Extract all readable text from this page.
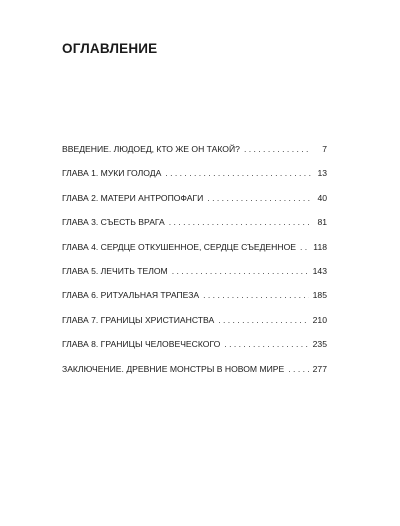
ОГЛАВЛЕНИЕ
ВВЕДЕНИЕ. ЛЮДОЕД, КТО ЖЕ ОН ТАКОЙ? . . .	7
ГЛАВА 1. МУКИ ГОЛОДА . . .	13
ГЛАВА 2. МАТЕРИ АНТРОПОФАГИ . . .	40
ГЛАВА 3. СЪЕСТЬ ВРАГА . . .	81
ГЛАВА 4. СЕРДЦЕ ОТКУШЕННОЕ, СЕРДЦЕ СЪЕДЕННОЕ . . . 118
ГЛАВА 5. ЛЕЧИТЬ ТЕЛОМ . . .	143
ГЛАВА 6. РИТУАЛЬНАЯ ТРАПЕЗА . . .	185
ГЛАВА 7. ГРАНИЦЫ ХРИСТИАНСТВА . . .	210
ГЛАВА 8. ГРАНИЦЫ ЧЕЛОВЕЧЕСКОГО . . .	235
ЗАКЛЮЧЕНИЕ. ДРЕВНИЕ МОНСТРЫ В НОВОМ МИРЕ . . .	277
